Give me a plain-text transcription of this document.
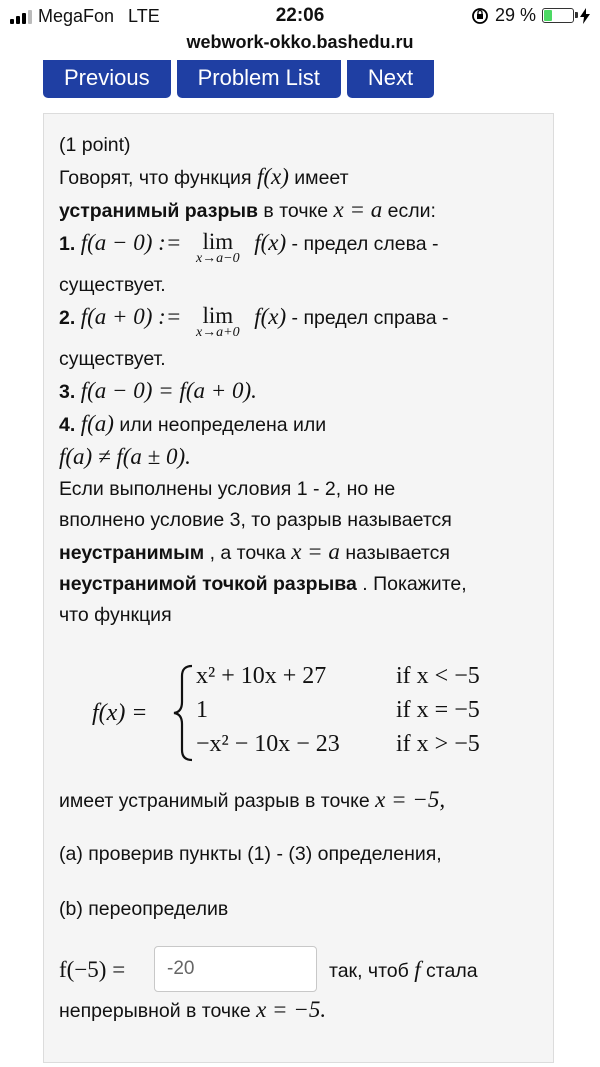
MegaFon LTE	22:06	29 %
webwork-okko.bashedu.ru
Previous	Problem List	Next
(1 point)
Говорят, что функция f(x) имеет
устранимый разрыв в точке x = a если:
1. f(a − 0) := lim
x→a−0
f(x) - предел слева -
существует.
2. f(a + 0) := lim
x→a+0
f(x) - предел справа -
существует.
3. f(a − 0) = f(a + 0).
4. f(a) или неопределена или
f(a) ≠ f(a ± 0).
Если выполнены условия 1 - 2, но не
вполнено условие 3, то разрыв называется
неустранимым , а точка x = a называется
неустранимой точкой разрыва . Покажите,
что функция
f(x) =
x² + 10x + 27	if x < −5
1	if x = −5
−x² − 10x − 23 if x > −5
имеет устранимый разрыв в точке x = −5,
(a) проверив пункты (1) - (3) определения,
(b) переопределив
f(−5) =	-20	так, чтоб f стала
непрерывной в точке x = −5.
